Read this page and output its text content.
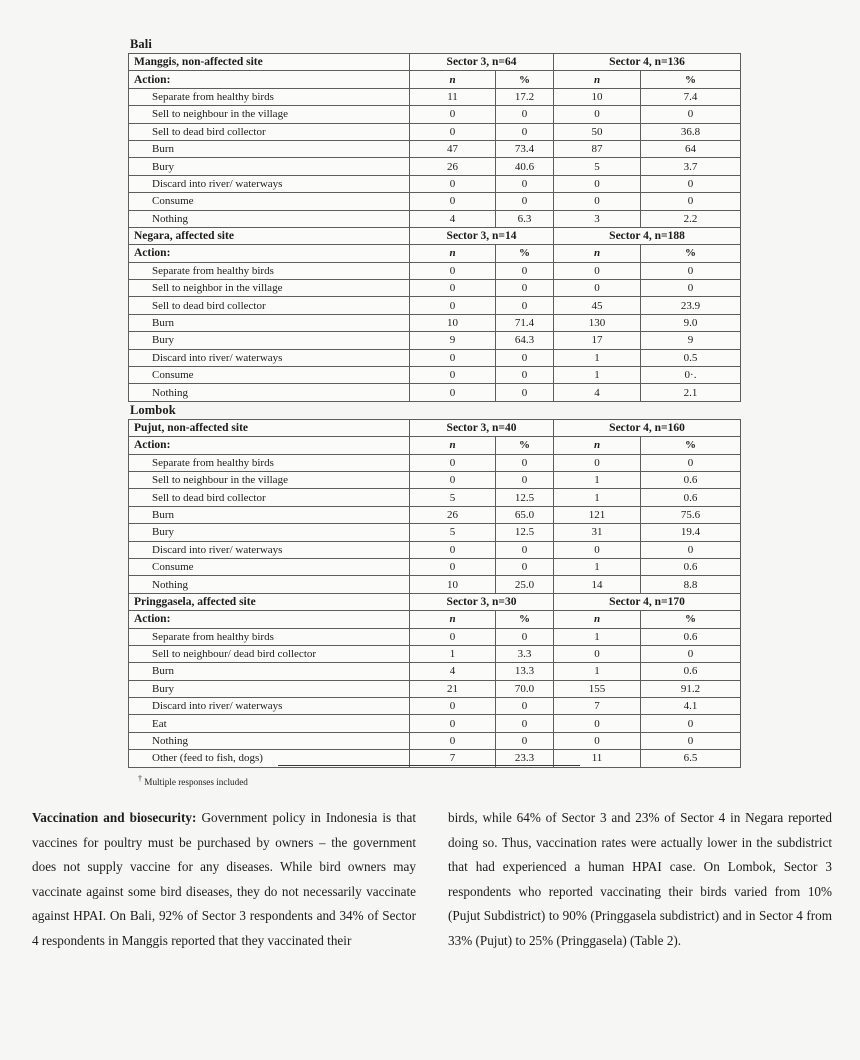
Bali
Manggis, non-affected site	Sector 3, n=64		Sector 4, n=136	
Action:	n	%	n	%
Separate from healthy birds	11	17.2	10	7.4
Sell to neighbour in the village	0	0	0	0
Sell to dead bird collector	0	0	50	36.8
Burn	47	73.4	87	64
Bury	26	40.6	5	3.7
Discard into river/ waterways	0	0	0	0
Consume	0	0	0	0
Nothing	4	6.3	3	2.2
Negara, affected site	Sector 3, n=14		Sector 4, n=188	
Action:	n	%	n	%
Separate from healthy birds	0	0	0	0
Sell to neighbor in the village	0	0	0	0
Sell to dead bird collector	0	0	45	23.9
Burn	10	71.4	130	9.0
Bury	9	64.3	17	9
Discard into river/ waterways	0	0	1	0.5
Consume	0	0	1	0·.
Nothing	0	0	4	2.1
Lombok
Pujut, non-affected site	Sector 3, n=40		Sector 4, n=160	
Action:	n	%	n	%
Separate from healthy birds	0	0	0	0
Sell to neighbour in the village	0	0	1	0.6
Sell to dead bird collector	5	12.5	1	0.6
Burn	26	65.0	121	75.6
Bury	5	12.5	31	19.4
Discard into river/ waterways	0	0	0	0
Consume	0	0	1	0.6
Nothing	10	25.0	14	8.8
Pringgasela, affected site	Sector 3, n=30		Sector 4, n=170	
Action:	n	%	n	%
Separate from healthy birds	0	0	1	0.6
Sell to neighbour/ dead bird collector	1	3.3	0	0
Burn	4	13.3	1	0.6
Bury	21	70.0	155	91.2
Discard into river/ waterways	0	0	7	4.1
Eat	0	0	0	0
Nothing	0	0	0	0
Other (feed to fish, dogs)	7	23.3	11	6.5
† Multiple responses included
Vaccination and biosecurity: Government policy in Indonesia is that vaccines for poultry must be purchased by owners – the government does not supply vaccine for any diseases. While bird owners may vaccinate against some bird diseases, they do not necessarily vaccinate against HPAI. On Bali, 92% of Sector 3 respondents and 34% of Sector 4 respondents in Manggis reported that they vaccinated their
birds, while 64% of Sector 3 and 23% of Sector 4 in Negara reported doing so. Thus, vaccination rates were actually lower in the subdistrict that had experienced a human HPAI case. On Lombok, Sector 3 respondents who reported vaccinating their birds varied from 10% (Pujut Subdistrict) to 90% (Pringgasela subdistrict) and in Sector 4 from 33% (Pujut) to 25% (Pringgasela) (Table 2).
